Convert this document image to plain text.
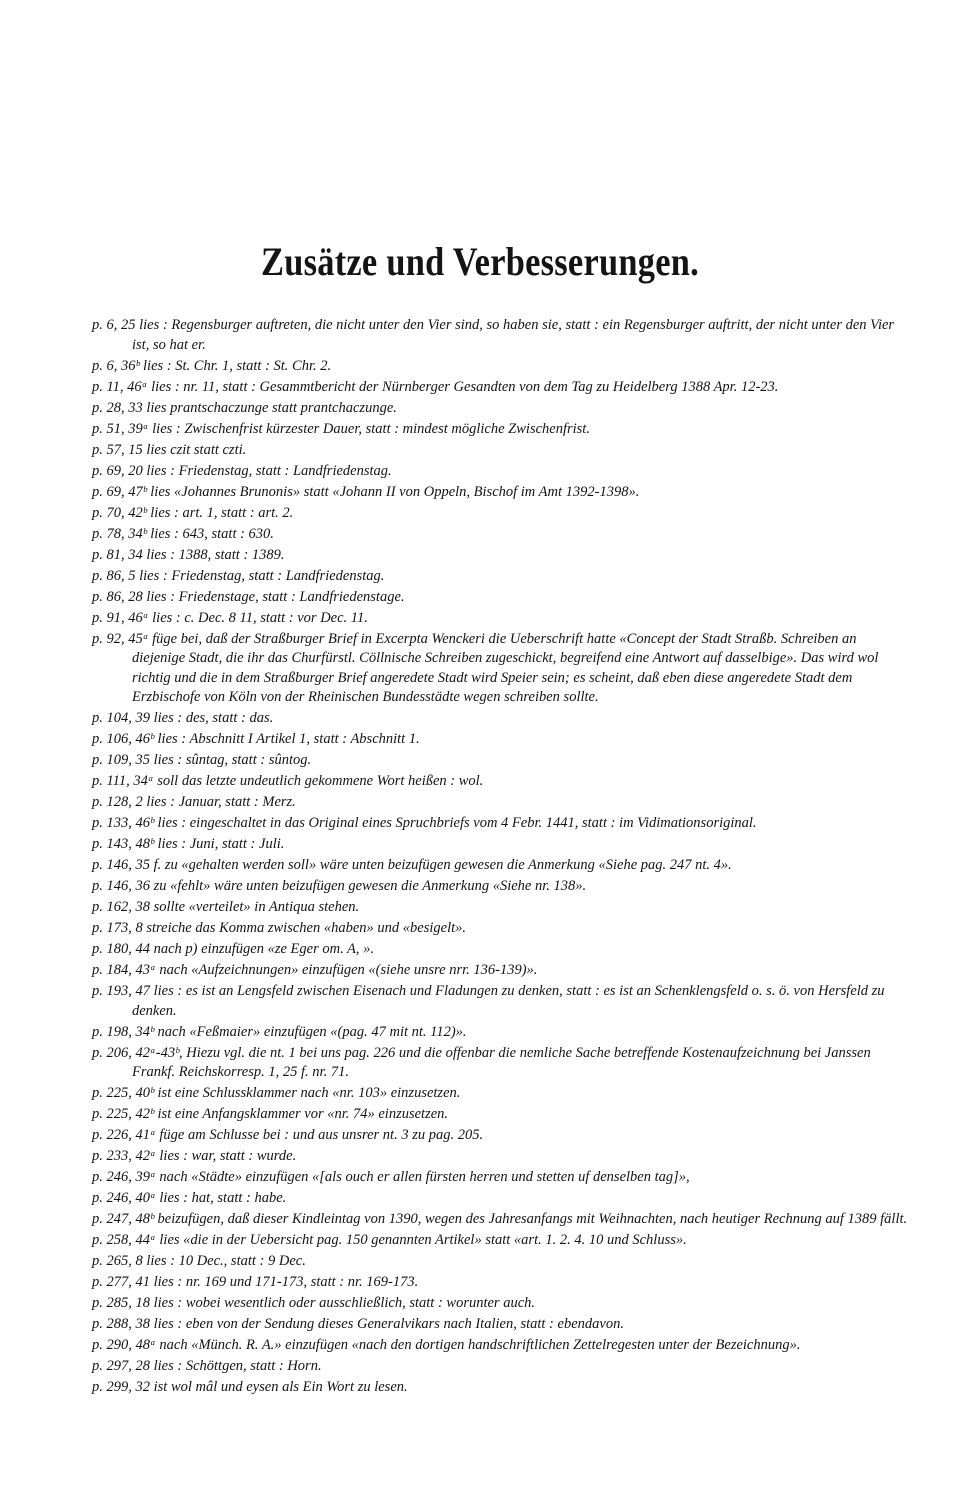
Zusätze und Verbesserungen.
p. 6, 25 lies : Regensburger auftreten, die nicht unter den Vier sind, so haben sie, statt : ein Regensburger auftritt, der nicht unter den Vier ist, so hat er.
p. 6, 36ᵇ lies : St. Chr. 1, statt : St. Chr. 2.
p. 11, 46ᵃ lies : nr. 11, statt : Gesammtbericht der Nürnberger Gesandten von dem Tag zu Heidelberg 1388 Apr. 12-23.
p. 28, 33 lies prantschaczunge statt prantchaczunge.
p. 51, 39ᵃ lies : Zwischenfrist kürzester Dauer, statt : mindest mögliche Zwischenfrist.
p. 57, 15 lies czit statt czti.
p. 69, 20 lies : Friedenstag, statt : Landfriedenstag.
p. 69, 47ᵇ lies «Johannes Brunonis» statt «Johann II von Oppeln, Bischof im Amt 1392-1398».
p. 70, 42ᵇ lies : art. 1, statt : art. 2.
p. 78, 34ᵇ lies : 643, statt : 630.
p. 81, 34 lies : 1388, statt : 1389.
p. 86, 5 lies : Friedenstag, statt : Landfriedenstag.
p. 86, 28 lies : Friedenstage, statt : Landfriedenstage.
p. 91, 46ᵃ lies : c. Dec. 8 11, statt : vor Dec. 11.
p. 92, 45ᵃ füge bei, daß der Straßburger Brief in Excerpta Wenckeri die Ueberschrift hatte «Concept der Stadt Straßb. Schreiben an diejenige Stadt, die ihr das Churfürstl. Cöllnische Schreiben zugeschickt, begreifend eine Antwort auf dasselbige». Das wird wol richtig und die in dem Straßburger Brief angeredete Stadt wird Speier sein; es scheint, daß eben diese angeredete Stadt dem Erzbischofe von Köln von der Rheinischen Bundesstädte wegen schreiben sollte.
p. 104, 39 lies : des, statt : das.
p. 106, 46ᵇ lies : Abschnitt I Artikel 1, statt : Abschnitt 1.
p. 109, 35 lies : sûntag, statt : sûntog.
p. 111, 34ᵃ soll das letzte undeutlich gekommene Wort heißen : wol.
p. 128, 2 lies : Januar, statt : Merz.
p. 133, 46ᵇ lies : eingeschaltet in das Original eines Spruchbriefs vom 4 Febr. 1441, statt : im Vidimationsoriginal.
p. 143, 48ᵇ lies : Juni, statt : Juli.
p. 146, 35 f. zu «gehalten werden soll» wäre unten beizufügen gewesen die Anmerkung «Siehe pag. 247 nt. 4».
p. 146, 36 zu «fehlt» wäre unten beizufügen gewesen die Anmerkung «Siehe nr. 138».
p. 162, 38 sollte «verteilet» in Antiqua stehen.
p. 173, 8 streiche das Komma zwischen «haben» und «besigelt».
p. 180, 44 nach p) einzufügen «ze Eger om. A, ».
p. 184, 43ᵃ nach «Aufzeichnungen» einzufügen «(siehe unsre nrr. 136-139)».
p. 193, 47 lies : es ist an Lengsfeld zwischen Eisenach und Fladungen zu denken, statt : es ist an Schenklengsfeld o. s. ö. von Hersfeld zu denken.
p. 198, 34ᵇ nach «Feßmaier» einzufügen «(pag. 47 mit nt. 112)».
p. 206, 42ᵃ-43ᵇ, Hiezu vgl. die nt. 1 bei uns pag. 226 und die offenbar die nemliche Sache betreffende Kostenaufzeichnung bei Janssen Frankf. Reichskorresp. 1, 25 f. nr. 71.
p. 225, 40ᵇ ist eine Schlussklammer nach «nr. 103» einzusetzen.
p. 225, 42ᵇ ist eine Anfangsklammer vor «nr. 74» einzusetzen.
p. 226, 41ᵃ füge am Schlusse bei : und aus unsrer nt. 3 zu pag. 205.
p. 233, 42ᵃ lies : war, statt : wurde.
p. 246, 39ᵃ nach «Städte» einzufügen «[als ouch er allen fürsten herren und stetten uf denselben tag]»,
p. 246, 40ᵃ lies : hat, statt : habe.
p. 247, 48ᵇ beizufügen, daß dieser Kindleintag von 1390, wegen des Jahresanfangs mit Weihnachten, nach heutiger Rechnung auf 1389 fällt.
p. 258, 44ᵃ lies «die in der Uebersicht pag. 150 genannten Artikel» statt «art. 1. 2. 4. 10 und Schluss».
p. 265, 8 lies : 10 Dec., statt : 9 Dec.
p. 277, 41 lies : nr. 169 und 171-173, statt : nr. 169-173.
p. 285, 18 lies : wobei wesentlich oder ausschließlich, statt : worunter auch.
p. 288, 38 lies : eben von der Sendung dieses Generalvikars nach Italien, statt : ebendavon.
p. 290, 48ᵃ nach «Münch. R. A.» einzufügen «nach den dortigen handschriftlichen Zettelregesten unter der Bezeichnung».
p. 297, 28 lies : Schöttgen, statt : Horn.
p. 299, 32 ist wol mâl und eysen als Ein Wort zu lesen.
